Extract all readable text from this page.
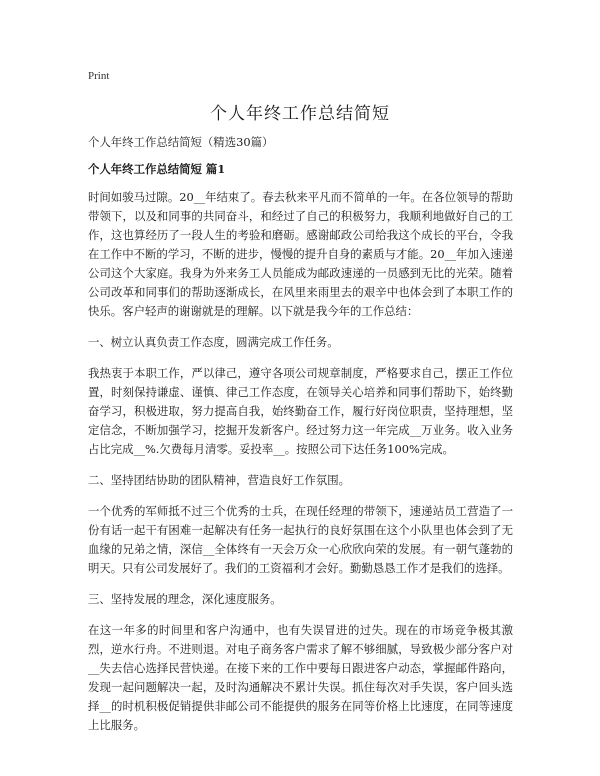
Print
个人年终工作总结简短

个人年终工作总结简短（精选30篇）

个人年终工作总结简短 篇1

时间如骏马过隙。20__年结束了。春去秋来平凡而不简单的一年。在各位领导的帮助带领下，以及和同事的共同奋斗，和经过了自己的积极努力，我顺利地做好自己的工作，这也算经历了一段人生的考验和磨砺。感谢邮政公司给我这个成长的平台，令我在工作中不断的学习，不断的进步，慢慢的提升自身的素质与才能。20__年加入速递公司这个大家庭。我身为外来务工人员能成为邮政速递的一员感到无比的光荣。随着公司改革和同事们的帮助逐渐成长，在风里来雨里去的艰辛中也体会到了本职工作的快乐。客户轻声的谢谢就是的理解。以下就是我今年的工作总结：

一、树立认真负责工作态度，圆满完成工作任务。

我热衷于本职工作，严以律己，遵守各项公司规章制度，严格要求自己，摆正工作位置，时刻保持谦虚、谨慎、律己工作态度，在领导关心培养和同事们帮助下，始终勤奋学习，积极进取，努力提高自我，始终勤奋工作，履行好岗位职责，坚持理想，坚定信念，不断加强学习，挖掘开发新客户。经过努力这一年完成__万业务。收入业务占比完成__%.欠费每月清零。妥投率__。按照公司下达任务100%完成。

二、坚持团结协助的团队精神，营造良好工作氛围。

一个优秀的军师抵不过三个优秀的士兵，在现任经理的带领下，速递站员工营造了一份有话一起干有困难一起解决有任务一起执行的良好氛围在这个小队里也体会到了无血缘的兄弟之情，深信__全体终有一天会万众一心欣欣向荣的发展。有一朝气蓬勃的明天。只有公司发展好了。我们的工资福利才会好。勤勤恳恳工作才是我们的选择。

三、坚持发展的理念，深化速度服务。

在这一年多的时间里和客户沟通中，也有失误冒进的过失。现在的市场竞争极其激烈，逆水行舟。不进则退。对电子商务客户需求了解不够细腻，导致极少部分客户对__失去信心选择民营快递。在接下来的工作中要每日跟进客户动态，掌握邮件路向，发现一起问题解决一起，及时沟通解决不累计失误。抓住每次对手失误，客户回头选择__的时机积极促销提供非邮公司不能提供的服务在同等价格上比速度，在同等速度上比服务。
